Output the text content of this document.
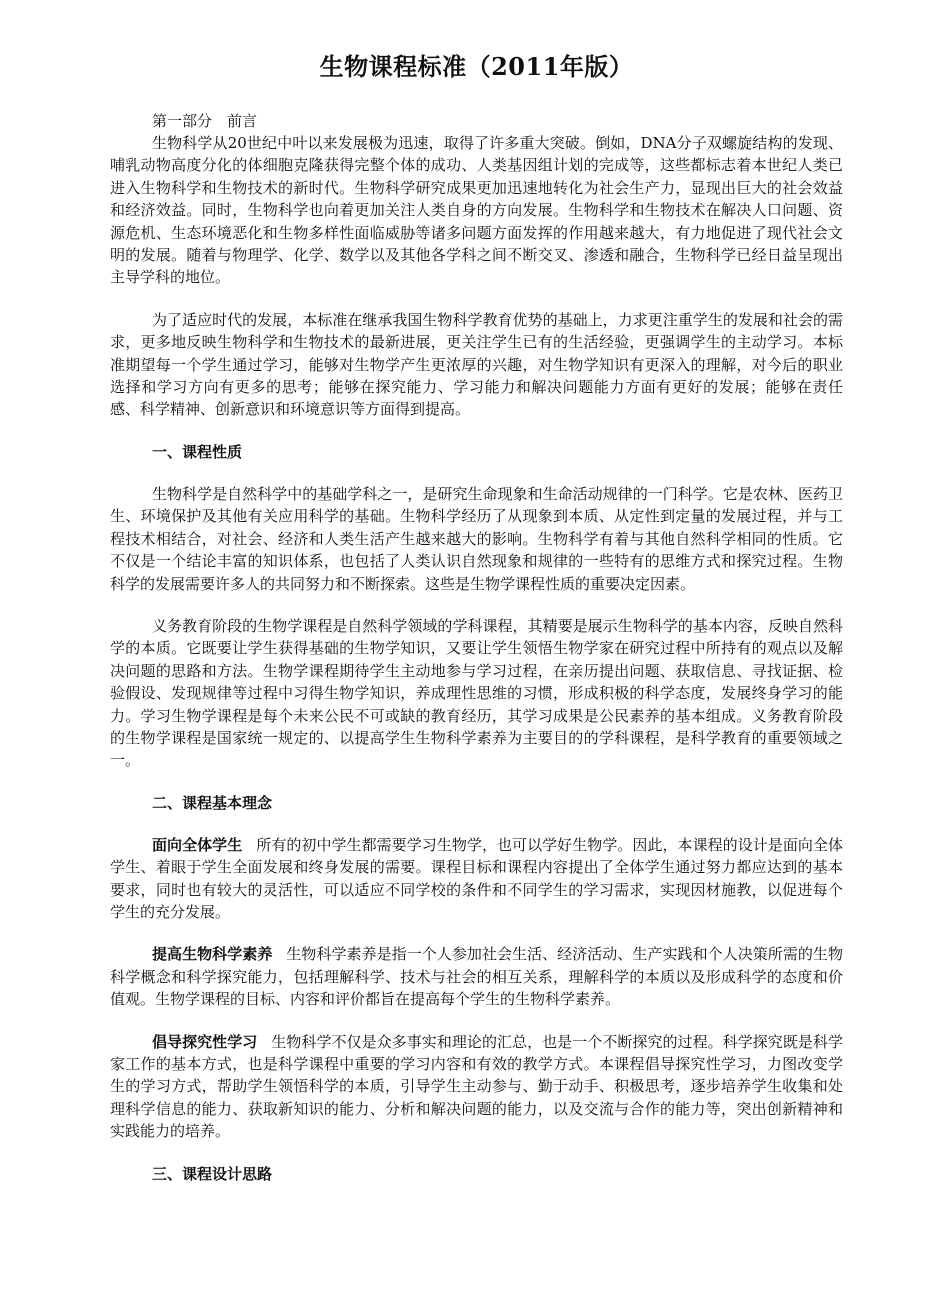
生物课程标准（2011年版）
第一部分　前言

生物科学从20世纪中叶以来发展极为迅速，取得了许多重大突破。倒如，DNA分子双螺旋结构的发现、哺乳动物高度分化的体细胞克隆获得完整个体的成功、人类基因组计划的完成等，这些都标志着本世纪人类已进入生物科学和生物技术的新时代。生物科学研究成果更加迅速地转化为社会生产力，显现出巨大的社会效益和经济效益。同时，生物科学也向着更加关注人类自身的方向发展。生物科学和生物技术在解决人口问题、资源危机、生态环境恶化和生物多样性面临威胁等诸多问题方面发挥的作用越来越大，有力地促进了现代社会文明的发展。随着与物理学、化学、数学以及其他各学科之间不断交叉、渗透和融合，生物科学已经日益呈现出主导学科的地位。

为了适应时代的发展，本标准在继承我国生物科学教育优势的基础上，力求更注重学生的发展和社会的需求，更多地反映生物科学和生物技术的最新进展，更关注学生已有的生活经验，更强调学生的主动学习。本标准期望每一个学生通过学习，能够对生物学产生更浓厚的兴趣，对生物学知识有更深入的理解，对今后的职业选择和学习方向有更多的思考；能够在探究能力、学习能力和解决问题能力方面有更好的发展；能够在责任感、科学精神、创新意识和环境意识等方面得到提高。

一、课程性质

生物科学是自然科学中的基础学科之一，是研究生命现象和生命活动规律的一门科学。它是农林、医药卫生、环境保护及其他有关应用科学的基础。生物科学经历了从现象到本质、从定性到定量的发展过程，并与工程技术相结合，对社会、经济和人类生活产生越来越大的影响。生物科学有着与其他自然科学相同的性质。它不仅是一个结论丰富的知识体系，也包括了人类认识自然现象和规律的一些特有的思维方式和探究过程。生物科学的发展需要许多人的共同努力和不断探索。这些是生物学课程性质的重要决定因素。

义务教育阶段的生物学课程是自然科学领域的学科课程，其精要是展示生物科学的基本内容，反映自然科学的本质。它既要让学生获得基础的生物学知识，又要让学生领悟生物学家在研究过程中所持有的观点以及解决问题的思路和方法。生物学课程期待学生主动地参与学习过程，在亲历提出问题、获取信息、寻找证据、检验假设、发现规律等过程中习得生物学知识，养成理性思维的习惯，形成积极的科学态度，发展终身学习的能力。学习生物学课程是每个未来公民不可或缺的教育经历，其学习成果是公民素养的基本组成。义务教育阶段的生物学课程是国家统一规定的、以提高学生生物科学素养为主要目的的学科课程，是科学教育的重要领域之一。

二、课程基本理念

面向全体学生 所有的初中学生都需要学习生物学，也可以学好生物学。因此，本课程的设计是面向全体学生、着眼于学生全面发展和终身发展的需要。课程目标和课程内容提出了全体学生通过努力都应达到的基本要求，同时也有较大的灵活性，可以适应不同学校的条件和不同学生的学习需求，实现因材施教，以促进每个学生的充分发展。

提高生物科学素养 生物科学素养是指一个人参加社会生活、经济活动、生产实践和个人决策所需的生物科学概念和科学探究能力，包括理解科学、技术与社会的相互关系，理解科学的本质以及形成科学的态度和价值观。生物学课程的目标、内容和评价都旨在提高每个学生的生物科学素养。

倡导探究性学习 生物科学不仅是众多事实和理论的汇总，也是一个不断探究的过程。科学探究既是科学家工作的基本方式，也是科学课程中重要的学习内容和有效的教学方式。本课程倡导探究性学习，力图改变学生的学习方式，帮助学生领悟科学的本质，引导学生主动参与、勤于动手、积极思考，逐步培养学生收集和处理科学信息的能力、获取新知识的能力、分析和解决问题的能力，以及交流与合作的能力等，突出创新精神和实践能力的培养。

三、课程设计思路
